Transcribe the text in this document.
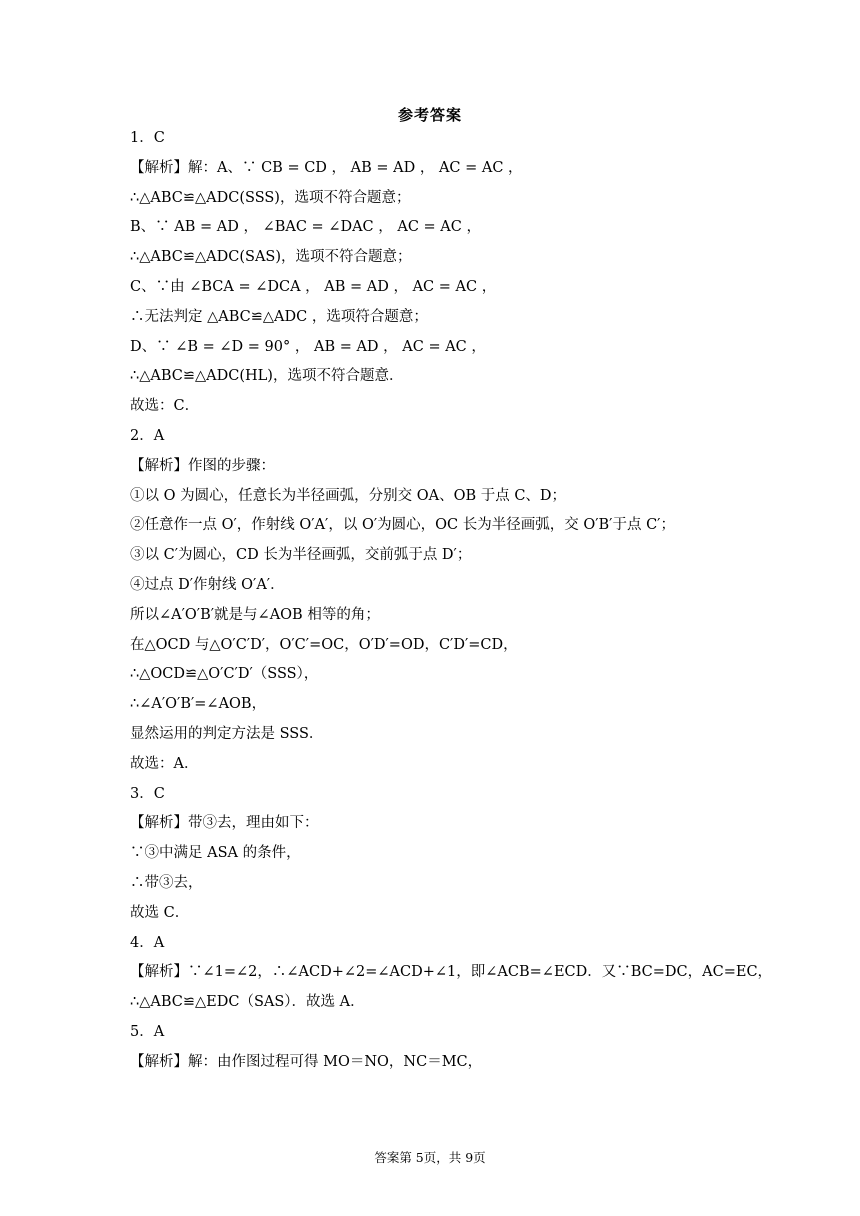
参考答案
1．C
【解析】解：A、∵ CB = CD ， AB = AD ， AC = AC ，
∴△ABC≌△ADC(SSS)，选项不符合题意；
B、∵ AB = AD ， ∠BAC = ∠DAC ， AC = AC ，
∴△ABC≌△ADC(SAS)，选项不符合题意；
C、∵由 ∠BCA = ∠DCA ， AB = AD ， AC = AC ，
∴无法判定 △ABC≌△ADC ，选项符合题意；
D、∵ ∠B = ∠D = 90° ， AB = AD ， AC = AC ，
∴△ABC≌△ADC(HL)，选项不符合题意．
故选：C．
2．A
【解析】作图的步骤：
①以 O 为圆心，任意长为半径画弧，分别交 OA、OB 于点 C、D；
②任意作一点 O′，作射线 O′A′，以 O′为圆心，OC 长为半径画弧，交 O′B′于点 C′；
③以 C′为圆心，CD 长为半径画弧，交前弧于点 D′；
④过点 D′作射线 O′A′．
所以∠A′O′B′就是与∠AOB 相等的角；
在△OCD 与△O′C′D′，O′C′=OC，O′D′=OD，C′D′=CD，
∴△OCD≌△O′C′D′（SSS），
∴∠A′O′B′=∠AOB，
显然运用的判定方法是 SSS．
故选：A．
3．C
【解析】带③去，理由如下：
∵③中满足 ASA 的条件，
∴带③去，
故选 C．
4．A
【解析】∵∠1=∠2，∴∠ACD+∠2=∠ACD+∠1，即∠ACB=∠ECD．又∵BC=DC，AC=EC，
∴△ABC≌△EDC（SAS）．故选 A．
5．A
【解析】解：由作图过程可得 MO＝NO，NC＝MC，
答案第 5页，共 9页
